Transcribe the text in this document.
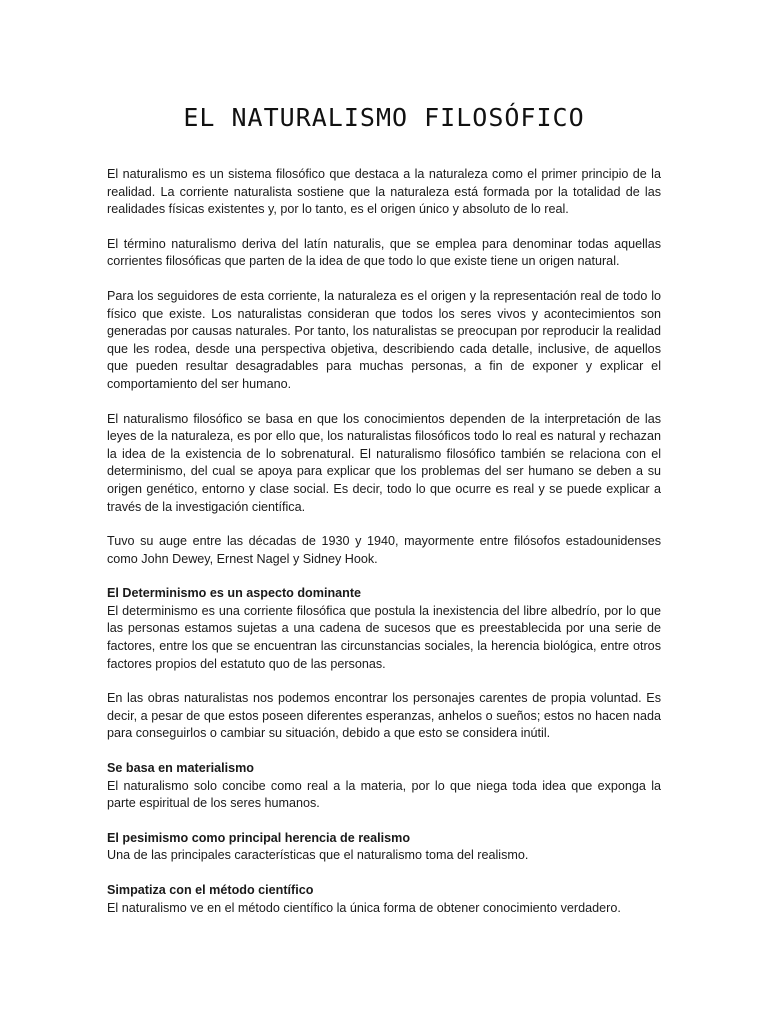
EL NATURALISMO FILOSÓFICO

El naturalismo es un sistema filosófico que destaca a la naturaleza como el primer principio de la realidad. La corriente naturalista sostiene que la naturaleza está formada por la totalidad de las realidades físicas existentes y, por lo tanto, es el origen único y absoluto de lo real.

El término naturalismo deriva del latín naturalis, que se emplea para denominar todas aquellas corrientes filosóficas que parten de la idea de que todo lo que existe tiene un origen natural.

Para los seguidores de esta corriente, la naturaleza es el origen y la representación real de todo lo físico que existe. Los naturalistas consideran que todos los seres vivos y acontecimientos son generadas por causas naturales. Por tanto, los naturalistas se preocupan por reproducir la realidad que les rodea, desde una perspectiva objetiva, describiendo cada detalle, inclusive, de aquellos que pueden resultar desagradables para muchas personas, a fin de exponer y explicar el comportamiento del ser humano.

El naturalismo filosófico se basa en que los conocimientos dependen de la interpretación de las leyes de la naturaleza, es por ello que, los naturalistas filosóficos todo lo real es natural y rechazan la idea de la existencia de lo sobrenatural. El naturalismo filosófico también se relaciona con el determinismo, del cual se apoya para explicar que los problemas del ser humano se deben a su origen genético, entorno y clase social. Es decir, todo lo que ocurre es real y se puede explicar a través de la investigación científica.

Tuvo su auge entre las décadas de 1930 y 1940, mayormente entre filósofos estadounidenses como John Dewey, Ernest Nagel y Sidney Hook.

El Determinismo es un aspecto dominante
El determinismo es una corriente filosófica que postula la inexistencia del libre albedrío, por lo que las personas estamos sujetas a una cadena de sucesos que es preestablecida por una serie de factores, entre los que se encuentran las circunstancias sociales, la herencia biológica, entre otros factores propios del estatuto quo de las personas.

En las obras naturalistas nos podemos encontrar los personajes carentes de propia voluntad. Es decir, a pesar de que estos poseen diferentes esperanzas, anhelos o sueños; estos no hacen nada para conseguirlos o cambiar su situación, debido a que esto se considera inútil.

Se basa en materialismo
El naturalismo solo concibe como real a la materia, por lo que niega toda idea que exponga la parte espiritual de los seres humanos.
El pesimismo como principal herencia de realismo
Una de las principales características que el naturalismo toma del realismo.
Simpatiza con el método científico
El naturalismo ve en el método científico la única forma de obtener conocimiento verdadero.
